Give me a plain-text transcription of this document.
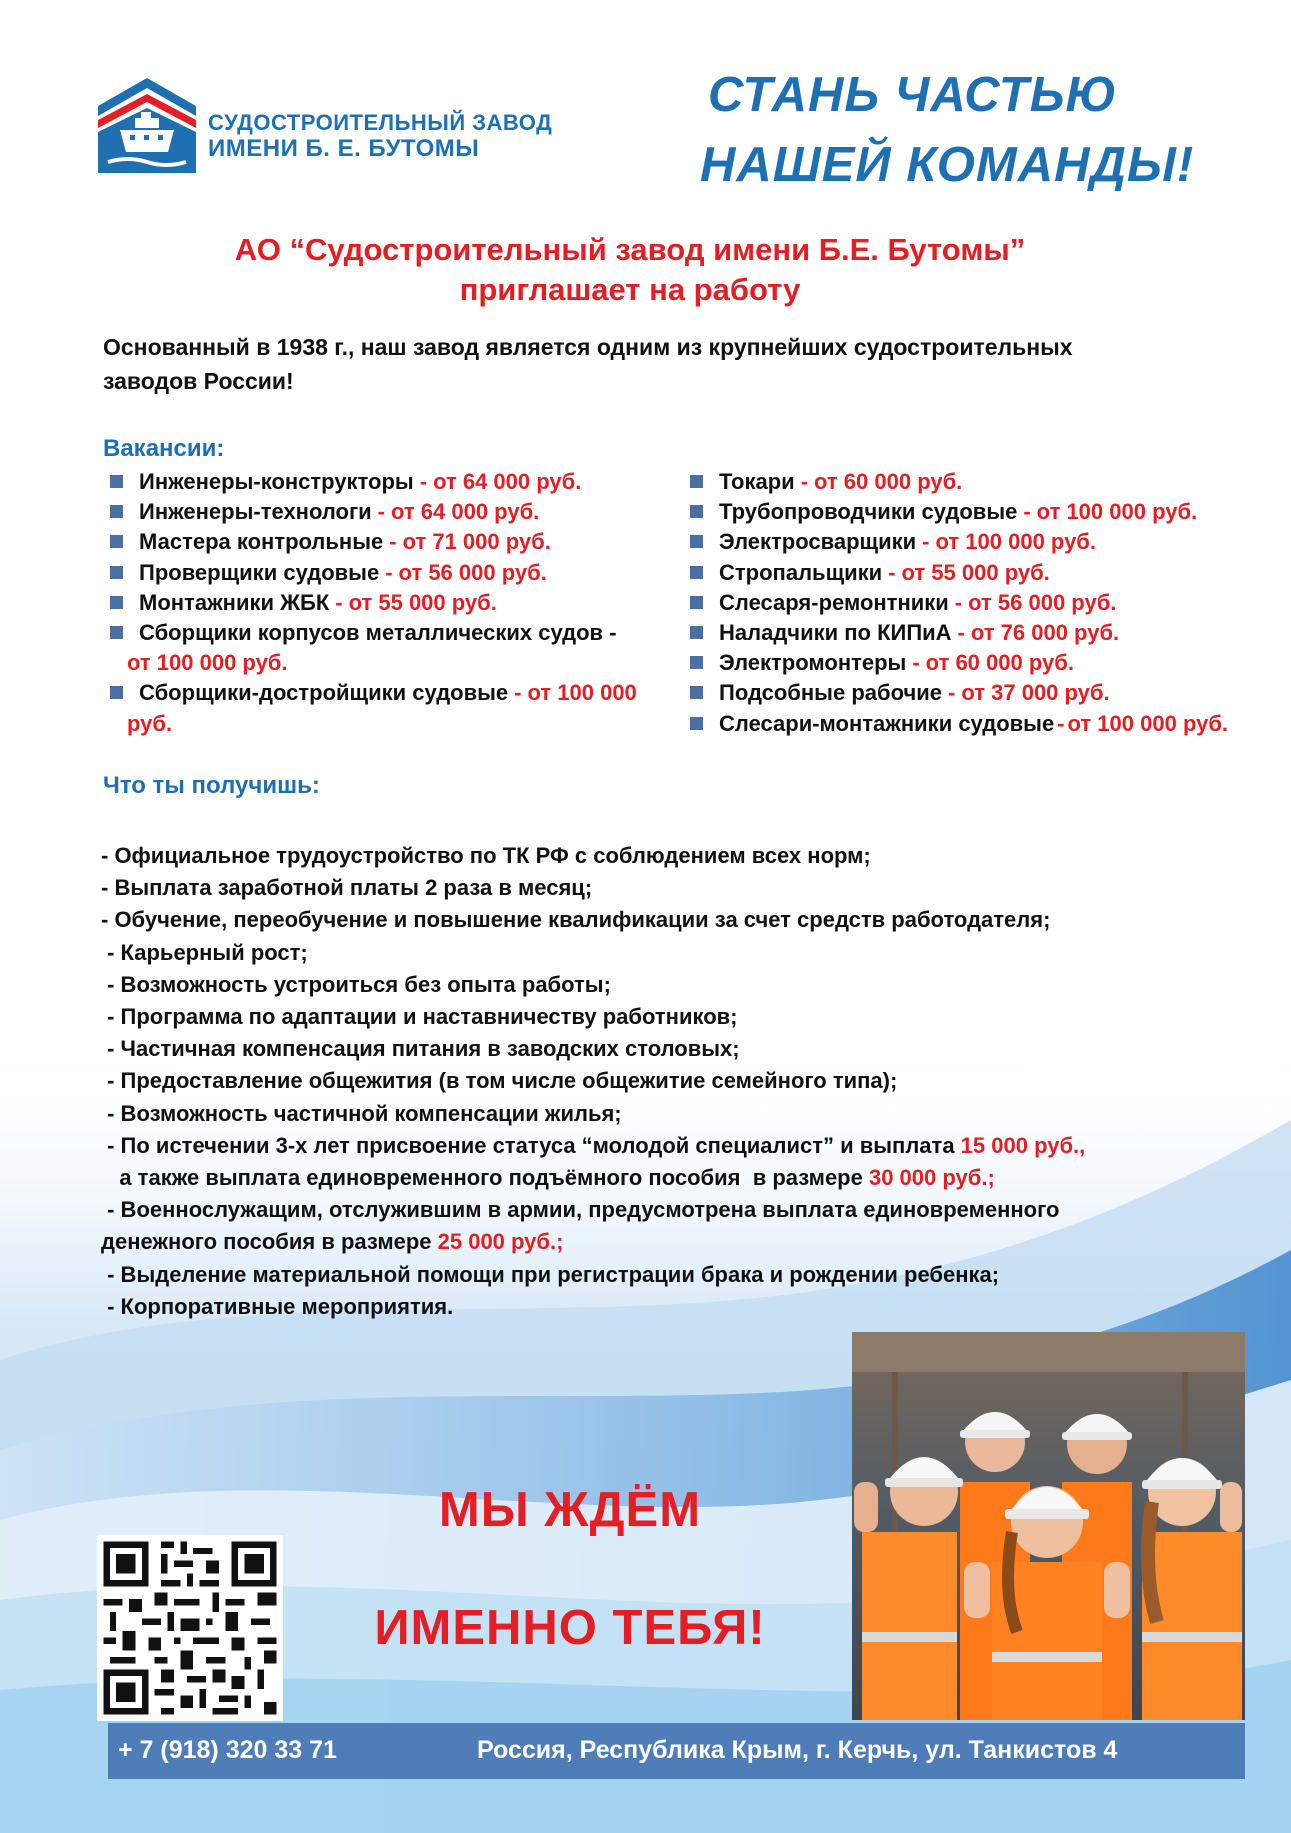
СУДОСТРОИТЕЛЬНЫЙ ЗАВОД
ИМЕНИ Б. Е. БУТОМЫ
СТАНЬ ЧАСТЬЮ
НАШЕЙ КОМАНДЫ!
АО “Судостроительный завод имени Б.Е. Бутомы”
приглашает на работу
Основанный в 1938 г., наш завод является одним из крупнейших судостроительных
заводов России!
Вакансии:
Инженеры-конструкторы - от 64 000 руб.
Инженеры-технологи - от 64 000 руб.
Мастера контрольные - от 71 000 руб.
Проверщики судовые - от 56 000 руб.
Монтажники ЖБК - от 55 000 руб.
Сборщики корпусов металлических судов -
от 100 000 руб.
Сборщики-достройщики судовые - от 100 000
руб.
Токари - от 60 000 руб.
Трубопроводчики судовые - от 100 000 руб.
Электросварщики - от 100 000 руб.
Стропальщики - от 55 000 руб.
Слесаря-ремонтники - от 56 000 руб.
Наладчики по КИПиА - от 76 000 руб.
Электромонтеры - от 60 000 руб.
Подсобные рабочие - от 37 000 руб.
Слесари-монтажники судовые - от 100 000 руб.
Что ты получишь:
- Официальное трудоустройство по ТК РФ с соблюдением всех норм;
- Выплата заработной платы 2 раза в месяц;
- Обучение, переобучение и повышение квалификации за счет средств работодателя;
- Карьерный рост;
- Возможность устроиться без опыта работы;
- Программа по адаптации и наставничеству работников;
- Частичная компенсация питания в заводских столовых;
- Предоставление общежития (в том числе общежитие семейного типа);
- Возможность частичной компенсации жилья;
- По истечении 3-х лет присвоение статуса “молодой специалист” и выплата 15 000 руб.,
а также выплата единовременного подъёмного пособия  в размере 30 000 руб.;
- Военнослужащим, отслужившим в армии, предусмотрена выплата единовременного
денежного пособия в размере 25 000 руб.;
- Выделение материальной помощи при регистрации брака и рождении ребенка;
- Корпоративные мероприятия.
МЫ ЖДЁМ
ИМЕННО ТЕБЯ!
+ 7 (918) 320 33 71	Россия, Республика Крым, г. Керчь, ул. Танкистов 4
